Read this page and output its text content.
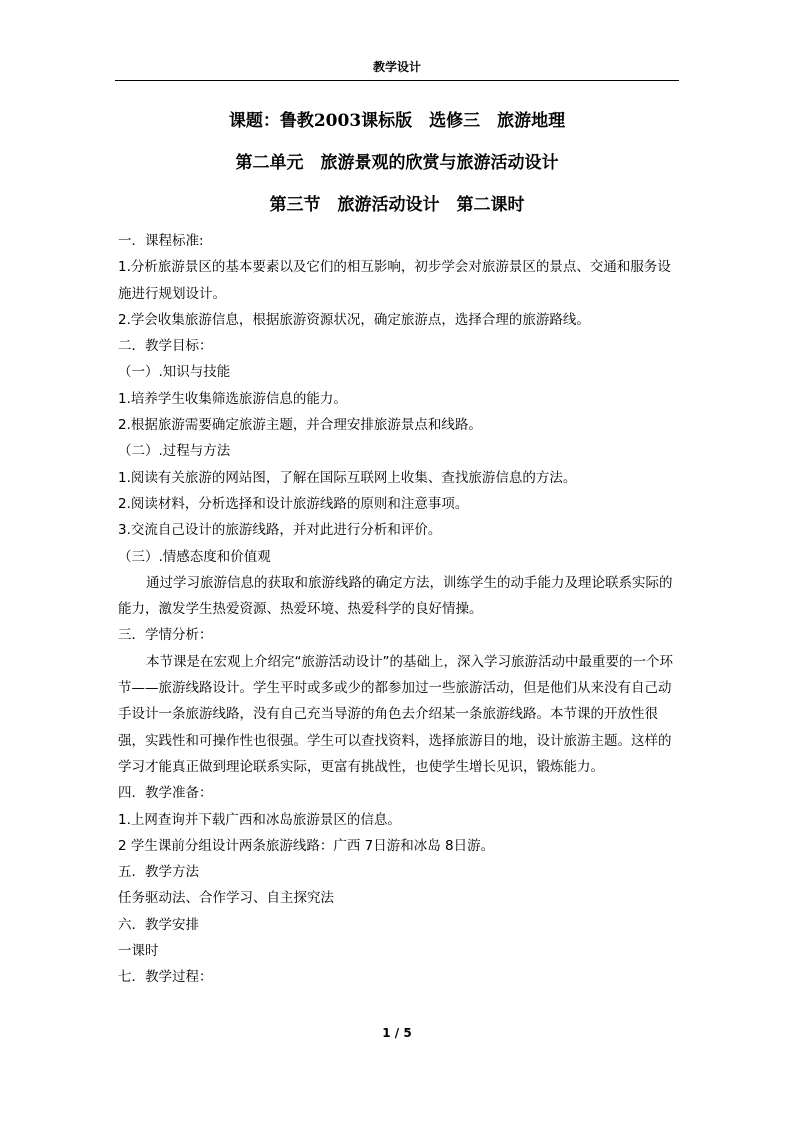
教学设计
课题：鲁教2003课标版　选修三　旅游地理
第二单元　旅游景观的欣赏与旅游活动设计
第三节　旅游活动设计　第二课时

一．课程标准:

1.分析旅游景区的基本要素以及它们的相互影响，初步学会对旅游景区的景点、交通和服务设施进行规划设计。

2.学会收集旅游信息，根据旅游资源状况，确定旅游点，选择合理的旅游路线。

二．教学目标：

（一）.知识与技能

1.培养学生收集筛选旅游信息的能力。

2.根据旅游需要确定旅游主题，并合理安排旅游景点和线路。

（二）.过程与方法

1.阅读有关旅游的网站图，了解在国际互联网上收集、查找旅游信息的方法。

2.阅读材料，分析选择和设计旅游线路的原则和注意事项。

3.交流自己设计的旅游线路，并对此进行分析和评价。

（三）.情感态度和价值观

通过学习旅游信息的获取和旅游线路的确定方法，训练学生的动手能力及理论联系实际的能力，激发学生热爱资源、热爱环境、热爱科学的良好情操。

三．学情分析：

本节课是在宏观上介绍完“旅游活动设计”的基础上，深入学习旅游活动中最重要的一个环节——旅游线路设计。学生平时或多或少的都参加过一些旅游活动，但是他们从来没有自己动手设计一条旅游线路，没有自己充当导游的角色去介绍某一条旅游线路。本节课的开放性很强，实践性和可操作性也很强。学生可以查找资料，选择旅游目的地，设计旅游主题。这样的学习才能真正做到理论联系实际，更富有挑战性，也使学生增长见识，锻炼能力。

四．教学准备：

1.上网查询并下载广西和冰岛旅游景区的信息。

2 学生课前分组设计两条旅游线路：广西 7日游和冰岛 8日游。

五．教学方法

任务驱动法、合作学习、自主探究法

六．教学安排

一课时

七．教学过程：

1 / 5
